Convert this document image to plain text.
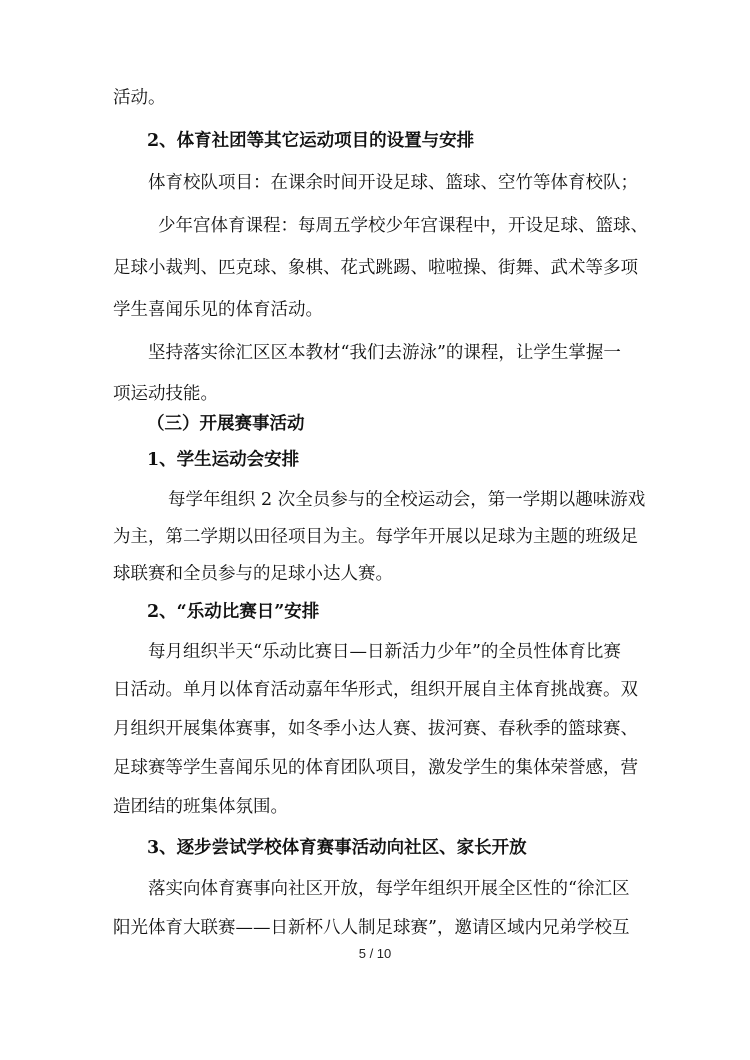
活动。
2、体育社团等其它运动项目的设置与安排
体育校队项目：在课余时间开设足球、篮球、空竹等体育校队；
少年宫体育课程：每周五学校少年宫课程中，开设足球、篮球、
足球小裁判、匹克球、象棋、花式跳踢、啦啦操、街舞、武术等多项
学生喜闻乐见的体育活动。
坚持落实徐汇区区本教材“我们去游泳”的课程，让学生掌握一
项运动技能。
（三）开展赛事活动
1、学生运动会安排
每学年组织 2 次全员参与的全校运动会，第一学期以趣味游戏
为主，第二学期以田径项目为主。每学年开展以足球为主题的班级足
球联赛和全员参与的足球小达人赛。
2、“乐动比赛日”安排
每月组织半天“乐动比赛日—日新活力少年”的全员性体育比赛
日活动。单月以体育活动嘉年华形式，组织开展自主体育挑战赛。双
月组织开展集体赛事，如冬季小达人赛、拔河赛、春秋季的篮球赛、
足球赛等学生喜闻乐见的体育团队项目，激发学生的集体荣誉感，营
造团结的班集体氛围。
3、逐步尝试学校体育赛事活动向社区、家长开放
落实向体育赛事向社区开放，每学年组织开展全区性的“徐汇区
阳光体育大联赛——日新杯八人制足球赛”，邀请区域内兄弟学校互
5 / 10
